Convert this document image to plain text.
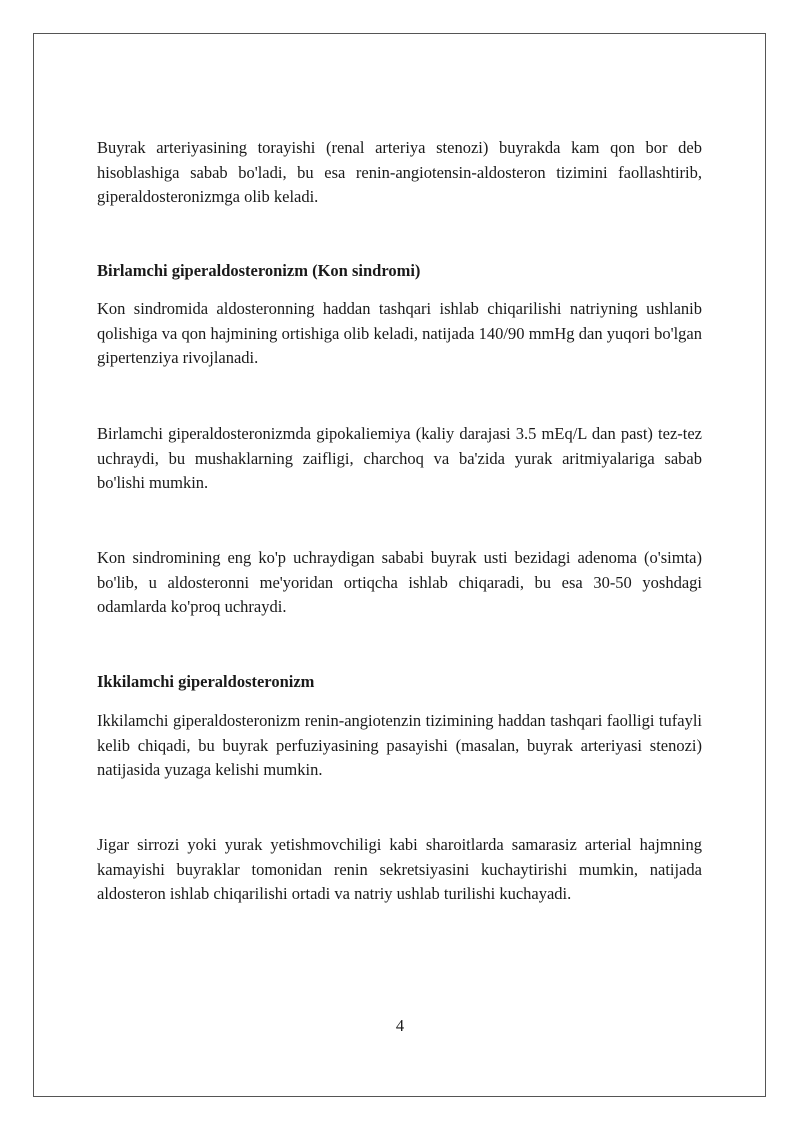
Buyrak arteriyasining torayishi (renal arteriya stenozi) buyrakda kam qon bor deb hisoblashiga sabab bo'ladi, bu esa renin-angiotensin-aldosteron tizimini faollashtirib, giperaldosteronizmga olib keladi.

Birlamchi giperaldosteronizm (Kon sindromi)

Kon sindromida aldosteronning haddan tashqari ishlab chiqarilishi natriyning ushlanib qolishiga va qon hajmining ortishiga olib keladi, natijada 140/90 mmHg dan yuqori bo'lgan gipertenziya rivojlanadi.

Birlamchi giperaldosteronizmda gipokaliemiya (kaliy darajasi 3.5 mEq/L dan past) tez-tez uchraydi, bu mushaklarning zaifligi, charchoq va ba'zida yurak aritmiyalariga sabab bo'lishi mumkin.

Kon sindromining eng ko'p uchraydigan sababi buyrak usti bezidagi adenoma (o'simta) bo'lib, u aldosteronni me'yoridan ortiqcha ishlab chiqaradi, bu esa 30-50 yoshdagi odamlarda ko'proq uchraydi.

Ikkilamchi giperaldosteronizm

Ikkilamchi giperaldosteronizm renin-angiotenzin tizimining haddan tashqari faolligi tufayli kelib chiqadi, bu buyrak perfuziyasining pasayishi (masalan, buyrak arteriyasi stenozi) natijasida yuzaga kelishi mumkin.

Jigar sirrozi yoki yurak yetishmovchiligi kabi sharoitlarda samarasiz arterial hajmning kamayishi buyraklar tomonidan renin sekretsiyasini kuchaytirishi mumkin, natijada aldosteron ishlab chiqarilishi ortadi va natriy ushlab turilishi kuchayadi.

4
